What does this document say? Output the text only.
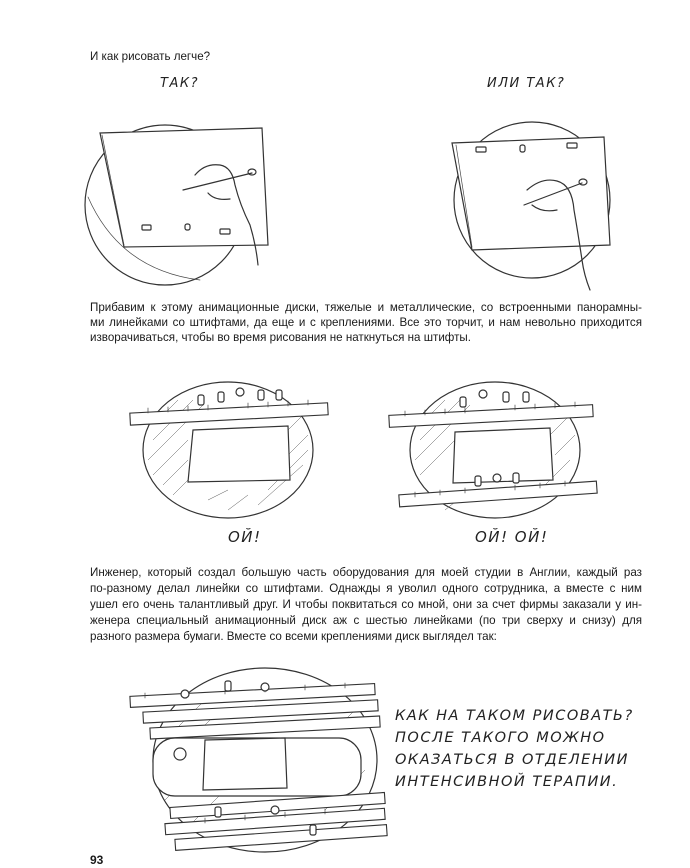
И как рисовать легче?
ТАК?	ИЛИ ТАК?
Прибавим к этому анимационные диски, тяжелые и металлические, со встроенными панорамны-
ми линейками со штифтами, да еще и с креплениями. Все это торчит, и нам невольно приходится
изворачиваться, чтобы во время рисования не наткнуться на штифты.
ОЙ!	ОЙ! ОЙ!
Инженер, который создал большую часть оборудования для моей студии в Англии, каждый раз
по-разному делал линейки со штифтами. Однажды я уволил одного сотрудника, а вместе с ним
ушел его очень талантливый друг. И чтобы поквитаться со мной, они за счет фирмы заказали у ин-
женера специальный анимационный диск аж с шестью линейками (по три сверху и снизу) для
разного размера бумаги. Вместе со всеми креплениями диск выглядел так:
КАК НА ТАКОМ РИСОВАТЬ?
ПОСЛЕ ТАКОГО МОЖНО
ОКАЗАТЬСЯ В ОТДЕЛЕНИИ
ИНТЕНСИВНОЙ ТЕРАПИИ.
93
